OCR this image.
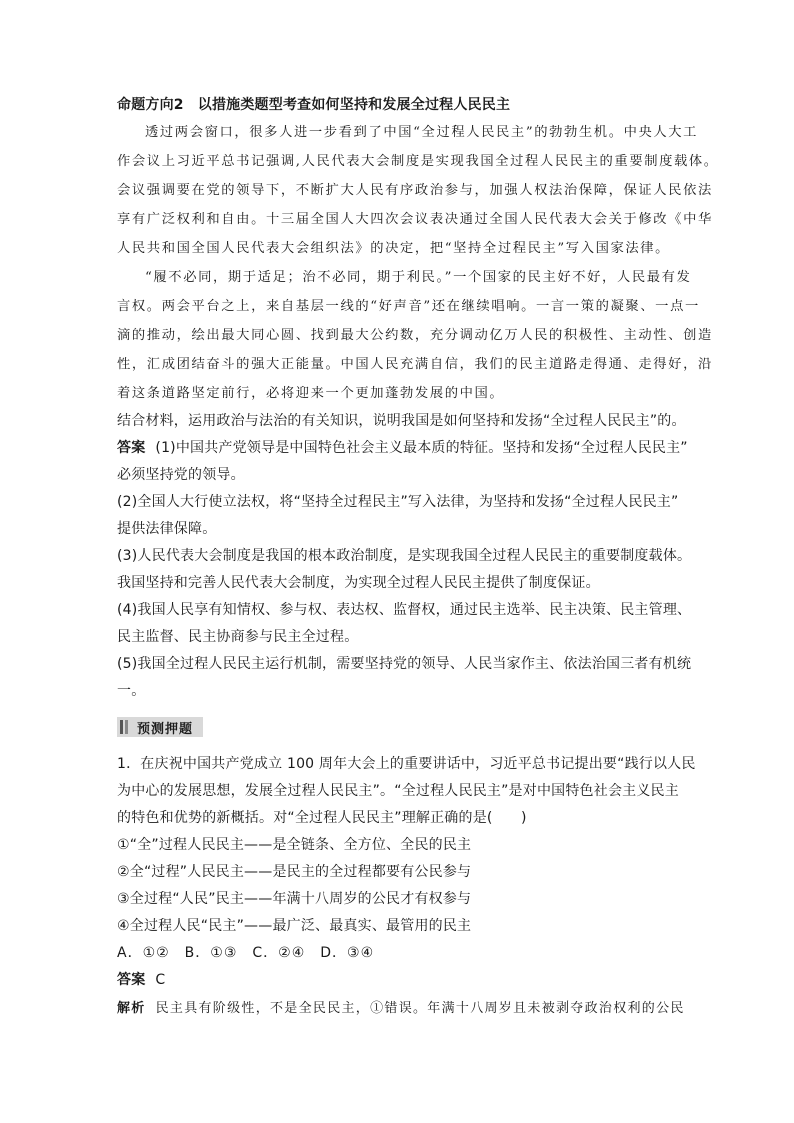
命题方向2 以措施类题型考查如何坚持和发展全过程人民民主
透过两会窗口，很多人进一步看到了中国“全过程人民民主”的勃勃生机。中央人大工
作会议上习近平总书记强调,人民代表大会制度是实现我国全过程人民民主的重要制度载体。
会议强调要在党的领导下，不断扩大人民有序政治参与，加强人权法治保障，保证人民依法
享有广泛权利和自由。十三届全国人大四次会议表决通过全国人民代表大会关于修改《中华
人民共和国全国人民代表大会组织法》的决定，把“坚持全过程民主”写入国家法律。
“履不必同，期于适足；治不必同，期于利民。”一个国家的民主好不好，人民最有发
言权。两会平台之上，来自基层一线的“好声音”还在继续唱响。一言一策的凝聚、一点一
滴的推动，绘出最大同心圆、找到最大公约数，充分调动亿万人民的积极性、主动性、创造
性，汇成团结奋斗的强大正能量。中国人民充满自信，我们的民主道路走得通、走得好，沿
着这条道路坚定前行，必将迎来一个更加蓬勃发展的中国。
结合材料，运用政治与法治的有关知识，说明我国是如何坚持和发扬“全过程人民民主”的。
答案 (1)中国共产党领导是中国特色社会主义最本质的特征。坚持和发扬“全过程人民民主”
必须坚持党的领导。
(2)全国人大行使立法权，将“坚持全过程民主”写入法律，为坚持和发扬“全过程人民民主”
提供法律保障。
(3)人民代表大会制度是我国的根本政治制度，是实现我国全过程人民民主的重要制度载体。
我国坚持和完善人民代表大会制度，为实现全过程人民民主提供了制度保证。
(4)我国人民享有知情权、参与权、表达权、监督权，通过民主选举、民主决策、民主管理、
民主监督、民主协商参与民主全过程。
(5)我国全过程人民民主运行机制，需要坚持党的领导、人民当家作主、依法治国三者有机统
一。
预测押题
1．在庆祝中国共产党成立 100 周年大会上的重要讲话中，习近平总书记提出要“践行以人民
为中心的发展思想，发展全过程人民民主”。“全过程人民民主”是对中国特色社会主义民主
的特色和优势的新概括。对“全过程人民民主”理解正确的是(　　)
①“全”过程人民民主——是全链条、全方位、全民的民主
②全“过程”人民民主——是民主的全过程都要有公民参与
③全过程“人民”民主——年满十八周岁的公民才有权参与
④全过程人民“民主”——最广泛、最真实、最管用的民主
A．①②　B．①③　C．②④　D．③④
答案 C
解析 民主具有阶级性，不是全民民主，①错误。年满十八周岁且未被剥夺政治权利的公民
